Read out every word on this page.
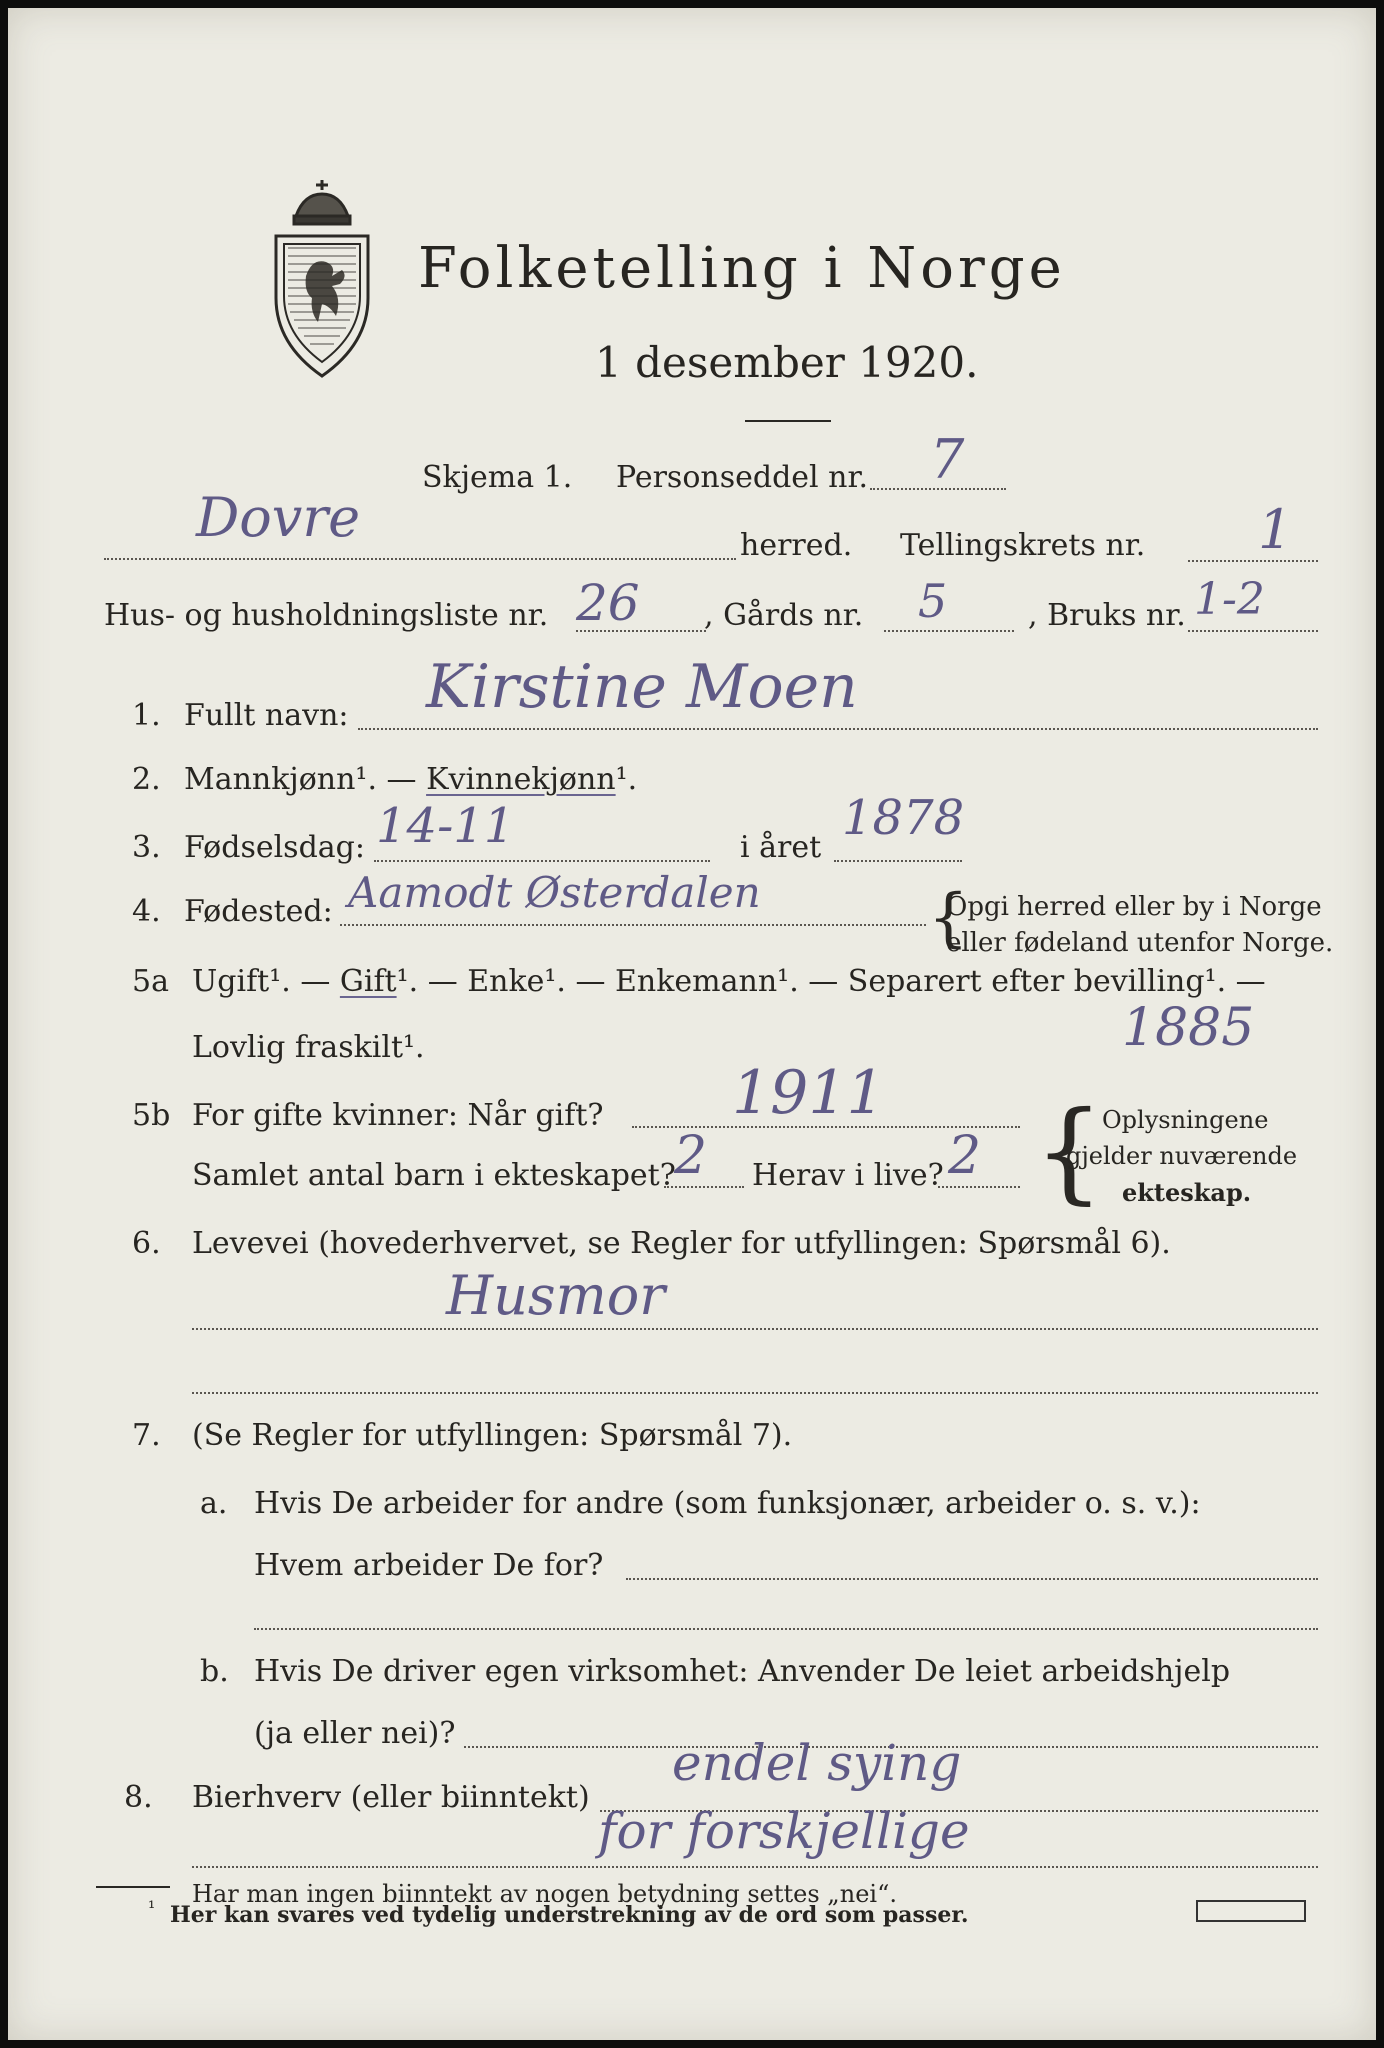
Folketelling i Norge
1 desember 1920.
Skjema 1. Personseddel nr. 7
Dovre	herred. Tellingskrets nr. 1
Hus- og husholdningsliste nr. 26 , Gårds nr. 5	, Bruks nr. 1-2
1. Fullt navn: Kirstine Moen
2. Mannkjønn¹. — Kvinnekjønn¹.
3. Fødselsdag: 14-11	i året
1878
4. Fødested: Aamodt Østerdalen	{
Opgi herred eller by i Norge
eller fødeland utenfor Norge.
5a Ugift¹. — Gift¹. — Enke¹. — Enkemann¹. — Separert efter bevilling¹. —
Lovlig fraskilt¹.	1885
5b For gifte kvinner: Når gift? 1911
Samlet antal barn i ekteskapet?
2 Herav i live? 2 {
Oplysningene
gjelder nuværende
ekteskap.
6. Levevei (hovederhvervet, se Regler for utfyllingen: Spørsmål 6).
Husmor
7. (Se Regler for utfyllingen: Spørsmål 7).
a. Hvis De arbeider for andre (som funksjonær, arbeider o. s. v.):
Hvem arbeider De for?
b. Hvis De driver egen virksomhet: Anvender De leiet arbeidshjelp
(ja eller nei)?
8. Bierhverv (eller biinntekt)
endel sying
for forskjellige
Har man ingen biinntekt av nogen betydning settes „nei“.
¹ Her kan svares ved tydelig understrekning av de ord som passer.
